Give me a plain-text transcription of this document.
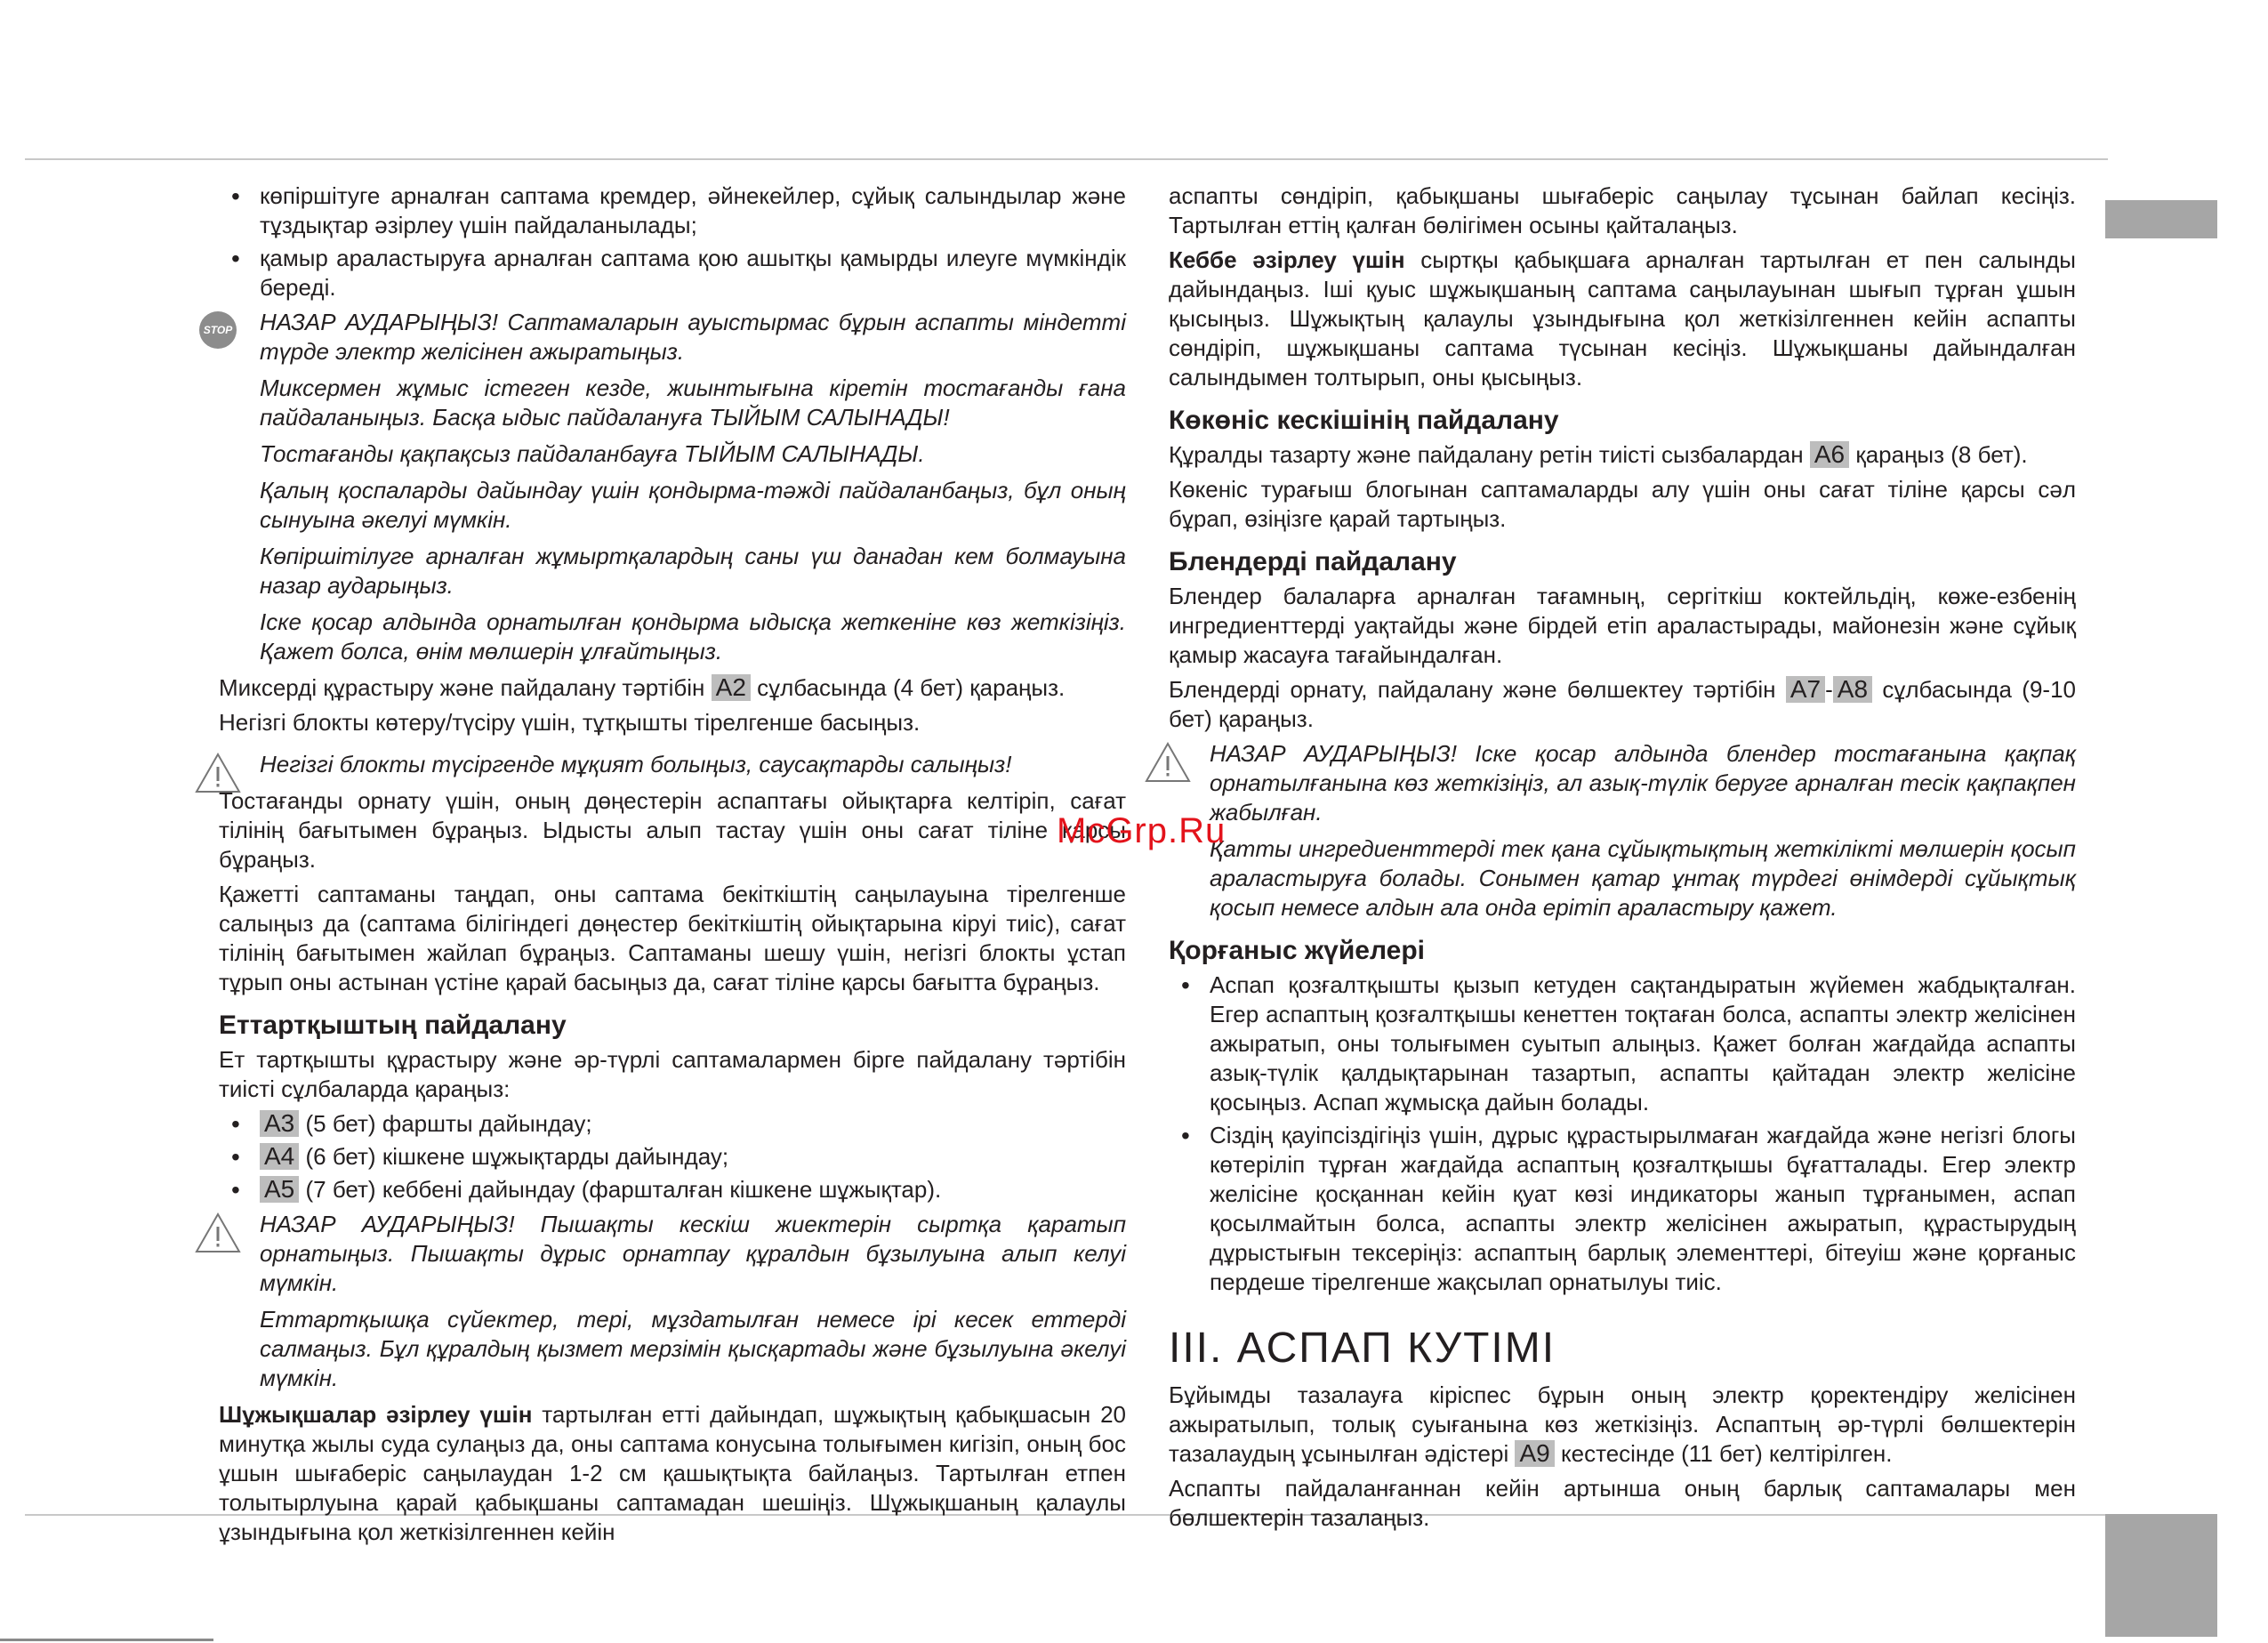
• көпіршітуге арналған саптама кремдер, әйнекейлер, сұйық салындылар және тұздықтар әзірлеу үшін пайдаланылады;
• қамыр араластыруға арналған саптама қою ашытқы қамырды илеуге мүмкіндік береді.
STOP НАЗАР АУДАРЫҢЫЗ! Саптамаларын ауыстырмас бұрын аспапты міндетті түрде электр желісінен ажыратыңыз.

Миксермен жұмыс істеген кезде, жиынтығына кіретін тостағанды ғана пайдаланыңыз. Басқа ыдыс пайдалануға ТЫЙЫМ САЛЫНАДЫ!

Тостағанды қақпақсыз пайдаланбауға ТЫЙЫМ САЛЫНАДЫ.

Қалың қоспаларды дайындау үшін қондырма-тәжді пайдаланбаңыз, бұл оның сынуына әкелуі мүмкін.

Көпіршітілуге арналған жұмыртқалардың саны үш данадан кем болмауына назар аударыңыз.

Іске қосар алдында орнатылған қондырма ыдысқа жеткеніне көз жеткізіңіз. Қажет болса, өнім мөлшерін ұлғайтыңыз.

Миксерді құрастыру және пайдалану тәртібін A2 сұлбасында (4 бет) қараңыз.

Негізгі блокты көтеру/түсіру үшін, тұтқышты тірелгенше басыңыз.

Негізгі блокты түсіргенде мұқият болыңыз, саусақтарды салыңыз!

Тостағанды орнату үшін, оның дөңестерін аспаптағы ойықтарға келтіріп, сағат тілінің бағытымен бұраңыз. Ыдысты алып тастау үшін оны сағат тіліне қарсы бұраңыз.

Қажетті саптаманы таңдап, оны саптама бекіткіштің саңылауына тірелгенше салыңыз да (саптама білігіндегі дөңестер бекіткіштің ойықтарына кіруі тиіс), сағат тілінің бағытымен жайлап бұраңыз. Саптаманы шешу үшін, негізгі блокты ұстап тұрып оны астынан үстіне қарай басыңыз да, сағат тіліне қарсы бағытта бұраңыз.

Еттартқыштың пайдалану

Ет тартқышты құрастыру және әр-түрлі саптамалармен бірге пайдалану тәртібін тиісті сұлбаларда қараңыз:

• A3 (5 бет) фаршты дайындау;
• A4 (6 бет) кішкене шұжықтарды дайындау;
• A5 (7 бет) кеббені дайындау (фаршталған кішкене шұжықтар).

НАЗАР АУДАРЫҢЫЗ! Пышақты кескіш жиектерін сыртқа қаратып орнатыңыз. Пышақты дұрыс орнатпау құралдын бұзылуына алып келуі мүмкін.

Еттартқышқа сүйектер, тері, мұздатылған немесе ірі кесек еттерді салмаңыз. Бұл құралдың қызмет мерзімін қысқартады және бұзылуына әкелуі мүмкін.

Шұжықшалар әзірлеу үшін тартылған етті дайындап, шұжықтың қабықшасын 20 минутқа жылы суда сулаңыз да, оны саптама конусына толығымен кигізіп, оның бос ұшын шығаберіс саңылаудан 1-2 см қашықтықта байлаңыз. Тартылған етпен толытырлуына қарай қабықшаны саптамадан шешіңіз. Шұжықшаның қалаулы ұзындығына қол жеткізілгеннен кейін

аспапты сөндіріп, қабықшаны шығаберіс саңылау тұсынан байлап кесіңіз. Тартылған еттің қалған бөлігімен осыны қайталаңыз.

Кеббе әзірлеу үшін сыртқы қабықшаға арналған тартылған ет пен салынды дайындаңыз. Іші қуыс шұжықшаның саптама саңылауынан шығып тұрған ұшын қысыңыз. Шұжықтың қалаулы ұзындығына қол жеткізілгеннен кейін аспапты сөндіріп, шұжықшаны саптама түсынан кесіңіз. Шұжықшаны дайындалған салындымен толтырып, оны қысыңыз.

Көкөніс кескішінің пайдалану

Құралды тазарту және пайдалану ретін тиісті сызбалардан A6 қараңыз (8 бет).

Көкеніс турағыш блогынан саптамаларды алу үшін оны сағат тіліне қарсы сәл бұрап, өзіңізге қарай тартыңыз.

Блендерді пайдалану

Блендер балаларға арналған тағамның, сергіткіш коктейльдің, көже-езбенің ингредиенттерді уақтайды және бірдей етіп араластырады, майонезін және сұйық қамыр жасауға тағайындалған.

Блендерді орнату, пайдалану және бөлшектеу тәртібін A7 - A8 сұлбасында (9-10 бет) қараңыз.

НАЗАР АУДАРЫҢЫЗ! Іске қосар алдында блендер тостағанына қақпақ орнатылғанына көз жеткізіңіз, ал азық-түлік беруге арналған тесік қақпақпен жабылған.

Қатты ингредиенттерді тек қана сұйықтықтың жеткілікті мөлшерін қосып араластыруға болады. Сонымен қатар ұнтақ түрдегі өнімдерді сұйықтық қосып немесе алдын ала онда ерітіп араластыру қажет.

Қорғаныс жүйелері
• Аспап қозғалтқышты қызып кетуден сақтандыратын жүйемен жабдықталған. Егер аспаптың қозғалтқышы кенеттен тоқтаған болса, аспапты электр желісінен ажыратып, оны толығымен суытып алыңыз. Қажет болған жағдайда аспапты азық-түлік қалдықтарынан тазартып, аспапты қайтадан электр желісіне қосыңыз. Аспап жұмысқа дайын болады.
• Сіздің қауіпсіздігіңіз үшін, дұрыс құрастырылмаған жағдайда және негізгі блогы көтеріліп тұрған жағдайда аспаптың қозғалтқышы бұғатталады. Егер электр желісіне қосқаннан кейін қуат көзі индикаторы жанып тұрғанымен, аспап қосылмайтын болса, аспапты электр желісінен ажыратып, құрастырудың дұрыстығын тексеріңіз: аспаптың барлық элементтері, бітеуіш және қорғаныс пердеше тірелгенше жақсылап орнатылуы тиіс.
III. АСПАП КУТІМІ

Бұйымды тазалауға кіріспес бұрын оның электр қоректендіру желісінен ажыратылып, толық суығанына көз жеткізіңіз. Аспаптың әр-түрлі бөлшектерін тазалаудың ұсынылған әдістері A9 кестесінде (11 бет) келтірілген.

Аспапты пайдаланғаннан кейін артынша оның барлық саптамалары мен бөлшектерін тазалаңыз.

McGrp.Ru
